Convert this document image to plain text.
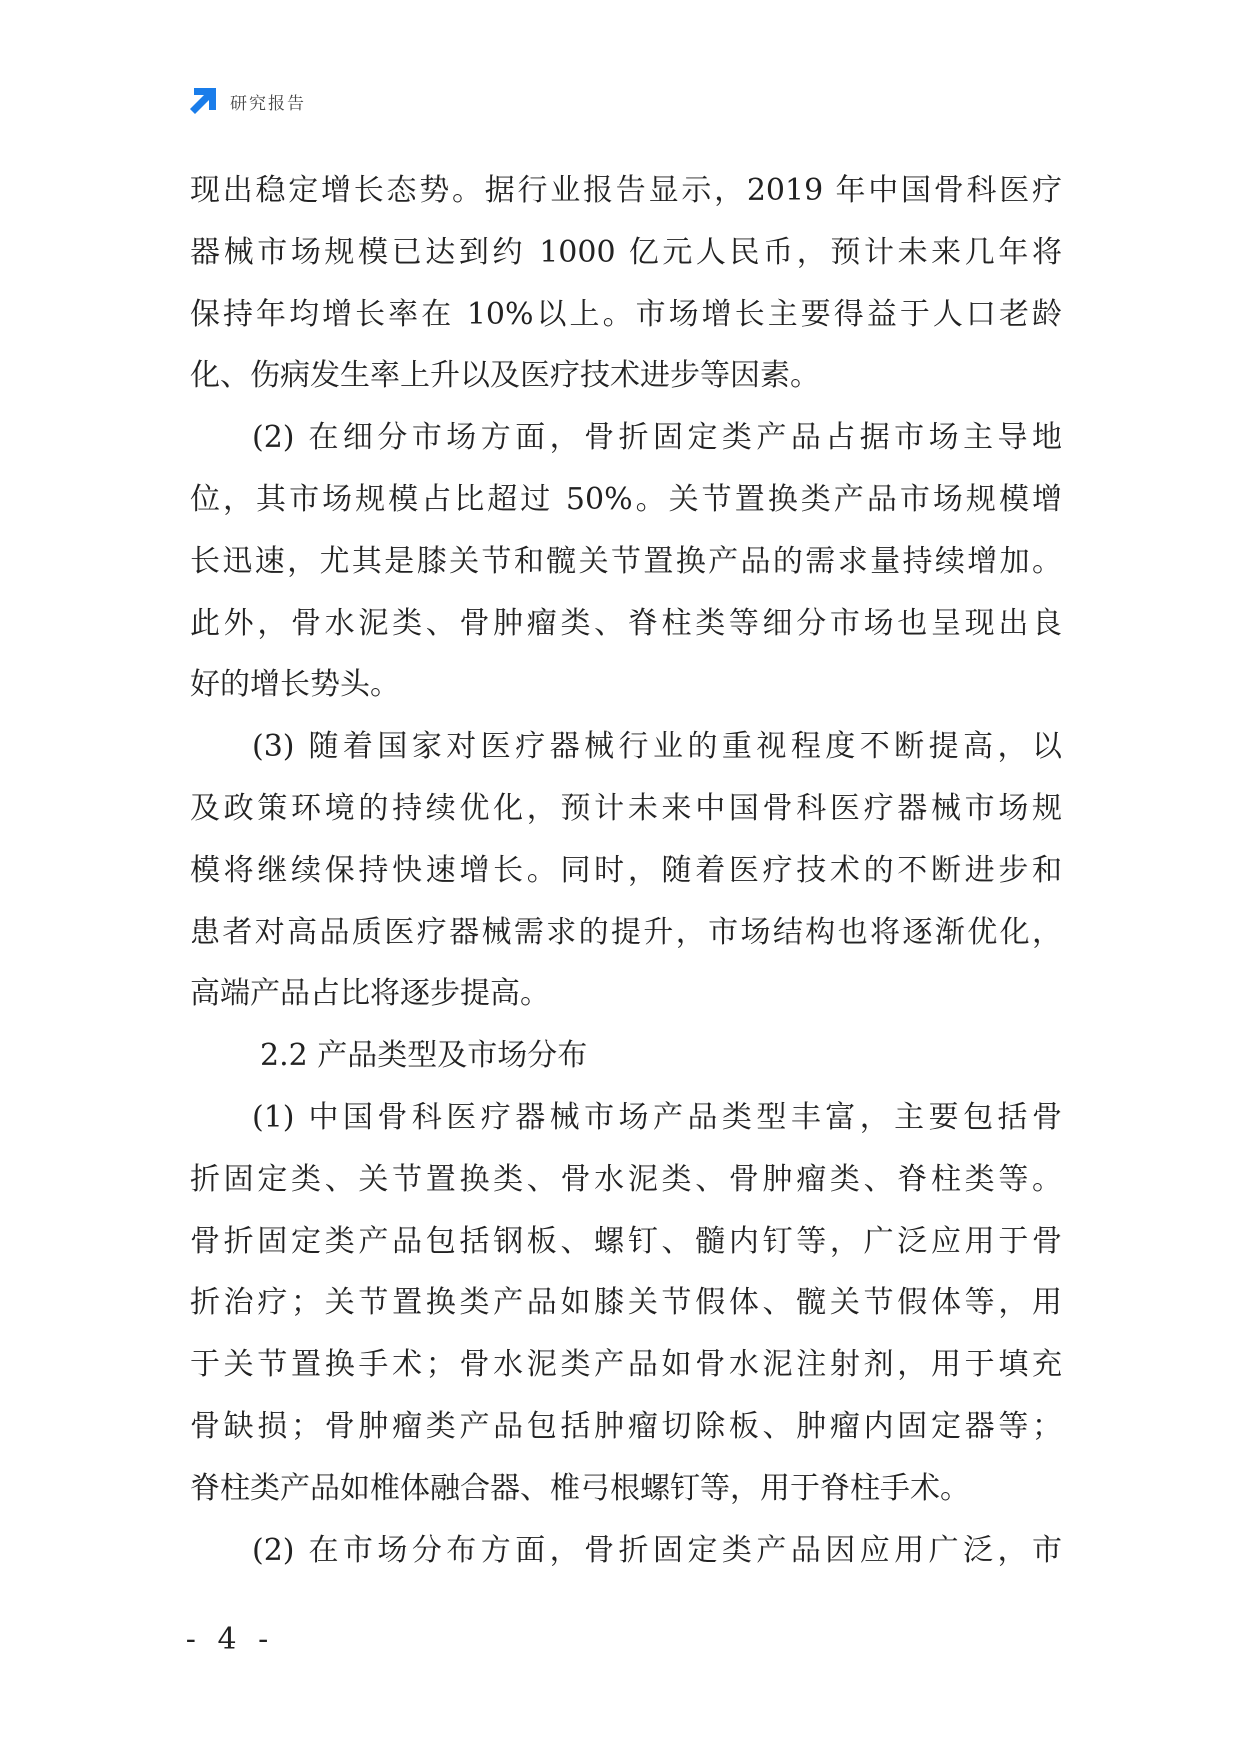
研究报告
现出稳定增长态势。据行业报告显示，2019 年中国骨科医疗
器械市场规模已达到约 1000 亿元人民币，预计未来几年将
保持年均增长率在 10%以上。市场增长主要得益于人口老龄
化、伤病发生率上升以及医疗技术进步等因素。
(2) 在细分市场方面，骨折固定类产品占据市场主导地
位，其市场规模占比超过 50%。关节置换类产品市场规模增
长迅速，尤其是膝关节和髋关节置换产品的需求量持续增加。
此外，骨水泥类、骨肿瘤类、脊柱类等细分市场也呈现出良
好的增长势头。
(3) 随着国家对医疗器械行业的重视程度不断提高，以
及政策环境的持续优化，预计未来中国骨科医疗器械市场规
模将继续保持快速增长。同时，随着医疗技术的不断进步和
患者对高品质医疗器械需求的提升，市场结构也将逐渐优化，
高端产品占比将逐步提高。
2.2 产品类型及市场分布
(1) 中国骨科医疗器械市场产品类型丰富，主要包括骨
折固定类、关节置换类、骨水泥类、骨肿瘤类、脊柱类等。
骨折固定类产品包括钢板、螺钉、髓内钉等，广泛应用于骨
折治疗；关节置换类产品如膝关节假体、髋关节假体等，用
于关节置换手术；骨水泥类产品如骨水泥注射剂，用于填充
骨缺损；骨肿瘤类产品包括肿瘤切除板、肿瘤内固定器等；
脊柱类产品如椎体融合器、椎弓根螺钉等，用于脊柱手术。
(2) 在市场分布方面，骨折固定类产品因应用广泛，市
- 4 -
